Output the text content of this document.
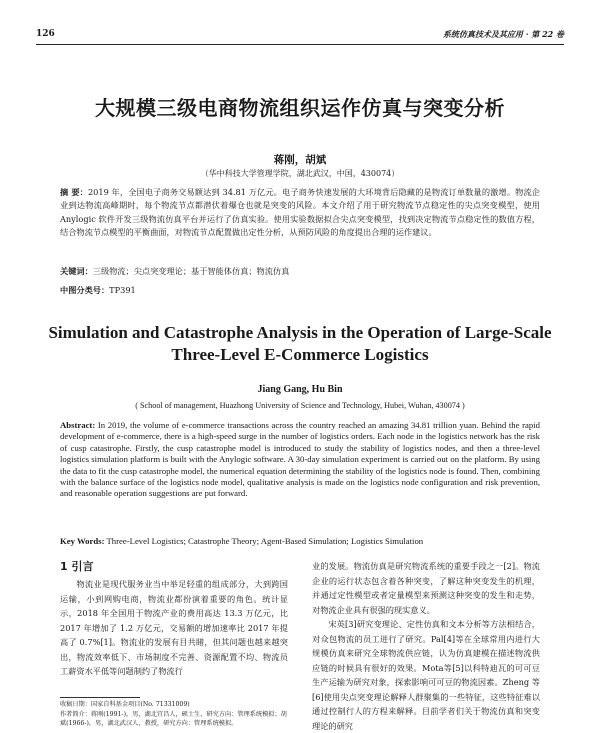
126	系统仿真技术及其应用 · 第 22 卷
大规模三级电商物流组织运作仿真与突变分析
蒋刚，胡斌
（华中科技大学管理学院，湖北武汉，中国，430074）
摘 要：2019 年，全国电子商务交易额达到 34.81 万亿元。电子商务快速发展的大环境背后隐藏的是物流订单数量的激增。物流企业到达物流高峰期时，每个物流节点都潜伏着爆仓也就是突变的风险。本文介绍了用于研究物流节点稳定性的尖点突变模型，使用 Anylogic 软件开发三级物流仿真平台并运行了仿真实验。使用实验数据拟合尖点突变模型，找到决定物流节点稳定性的数值方程，结合物流节点模型的平衡曲面，对物流节点配置做出定性分析，从预防风险的角度提出合理的运作建议。
关键词：三级物流；尖点突变理论；基于智能体仿真；物流仿真
中图分类号：TP391
Simulation and Catastrophe Analysis in the Operation of Large-Scale
Three-Level E-Commerce Logistics
Jiang Gang, Hu Bin
( School of management, Huazhong University of Science and Technology, Hubei, Wuhan, 430074 )
Abstract: In 2019, the volume of e-commerce transactions across the country reached an amazing 34.81 trillion yuan. Behind the rapid development of e-commerce, there is a high-speed surge in the number of logistics orders. Each node in the logistics network has the risk of cusp catastrophe. Firstly, the cusp catastrophe model is introduced to study the stability of logistics nodes, and then a three-level logistics simulation platform is built with the Anylogic software. A 30-day simulation experiment is carried out on the platform. By using the data to fit the cusp catastrophe model, the numerical equation determining the stability of the logistics node is found. Then, combining with the balance surface of the logistics node model, qualitative analysis is made on the logistics node configuration and risk prevention, and reasonable operation suggestions are put forward.
Key Words: Three-Level Logistics; Catastrophe Theory; Agent-Based Simulation; Logistics Simulation
1 引言
物流业是现代服务业当中举足轻重的组成部分，大到跨国运输，小到网购电商，物流业都扮演着重要的角色。统计显示，2018 年全国用于物流产业的费用高达 13.3 万亿元，比 2017 年增加了 1.2 万亿元，交易额的增加速率比 2017 年提高了 0.7%[1]。物流业的发展有目共睹，但其问题也越来越突出，物流效率低下、市场制度不完善、资源配置不均、物流员工薪资水平低等问题制约了物流行

业的发展。物流仿真是研究物流系统的重要手段之一[2]。物流企业的运行状态包含着各种突变，了解这种突变发生的机理，并通过定性模型或者定量模型来预测这种突变的发生和走势，对物流企业具有很强的现实意义。

宋英[3]研究变理论、定性仿真和文本分析等方法相结合，对众包物流的员工进行了研究。Pal[4]等在全球常用内进行大规模仿真来研究全球物流供应链，认为仿真建模在描述物流供应链的时候具有很好的效果。Mota等[5]以科特迪瓦的可可豆生产运输为研究对象，探索影响可可豆的物流因素。Zheng 等[6]使用尖点突变理论解释人群聚集的一些特征，这些特征难以通过控制行人的方程来解释。目前学者们关于物流仿真和突变理论的研究

收稿日期：国家自科基金项目(No. 71331009)
作者简介：蒋刚(1991-)，男，湖北宜昌人，硕士生，研究方向：管理系统模拟；胡斌(1966-)，男，湖北武汉人，教授，研究方向：管理系统模拟。
